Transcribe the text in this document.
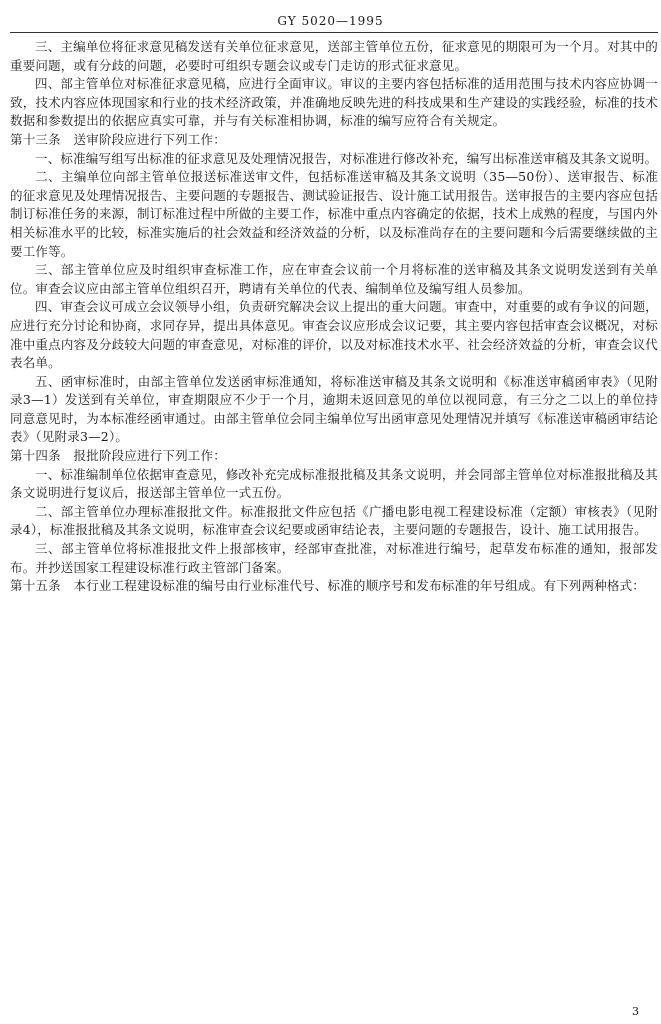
GY 5020—1995

三、主编单位将征求意见稿发送有关单位征求意见，送部主管单位五份，征求意见的期限可为一个月。对其中的重要问题，或有分歧的问题，必要时可组织专题会议或专门走访的形式征求意见。

四、部主管单位对标准征求意见稿，应进行全面审议。审议的主要内容包括标准的适用范围与技术内容应协调一致，技术内容应体现国家和行业的技术经济政策，并准确地反映先进的科技成果和生产建设的实践经验，标准的技术数据和参数提出的依据应真实可靠，并与有关标准相协调，标准的编写应符合有关规定。

第十三条　送审阶段应进行下列工作：

一、标准编写组写出标准的征求意见及处理情况报告，对标准进行修改补充，编写出标准送审稿及其条文说明。

二、主编单位向部主管单位报送标准送审文件，包括标准送审稿及其条文说明（35—50份）、送审报告、标准的征求意见及处理情况报告、主要问题的专题报告、测试验证报告、设计施工试用报告。送审报告的主要内容应包括制订标准任务的来源，制订标准过程中所做的主要工作，标准中重点内容确定的依据，技术上成熟的程度，与国内外相关标准水平的比较，标准实施后的社会效益和经济效益的分析，以及标准尚存在的主要问题和今后需要继续做的主要工作等。

三、部主管单位应及时组织审查标准工作，应在审查会议前一个月将标准的送审稿及其条文说明发送到有关单位。审查会议应由部主管单位组织召开，聘请有关单位的代表、编制单位及编写组人员参加。

四、审查会议可成立会议领导小组，负责研究解决会议上提出的重大问题。审查中，对重要的或有争议的问题，应进行充分讨论和协商，求同存异，提出具体意见。审查会议应形成会议记要，其主要内容包括审查会议概况，对标准中重点内容及分歧较大问题的审查意见，对标准的评价，以及对标准技术水平、社会经济效益的分析，审查会议代表名单。

五、函审标准时，由部主管单位发送函审标准通知，将标准送审稿及其条文说明和《标准送审稿函审表》（见附录3—1）发送到有关单位，审查期限应不少于一个月，逾期未返回意见的单位以视同意，有三分之二以上的单位持同意意见时，为本标准经函审通过。由部主管单位会同主编单位写出函审意见处理情况并填写《标准送审稿函审结论表》（见附录3—2）。

第十四条　报批阶段应进行下列工作：

一、标准编制单位依据审查意见，修改补充完成标准报批稿及其条文说明，并会同部主管单位对标准报批稿及其条文说明进行复议后，报送部主管单位一式五份。

二、部主管单位办理标准报批文件。标准报批文件应包括《广播电影电视工程建设标准（定额）审核表》（见附录4），标准报批稿及其条文说明，标准审查会议纪要或函审结论表，主要问题的专题报告，设计、施工试用报告。

三、部主管单位将标准报批文件上报部核审，经部审查批准，对标准进行编号，起草发布标准的通知，报部发布。并抄送国家工程建设标准行政主管部门备案。

第十五条　本行业工程建设标准的编号由行业标准代号、标准的顺序号和发布标准的年号组成。有下列两种格式：

3
